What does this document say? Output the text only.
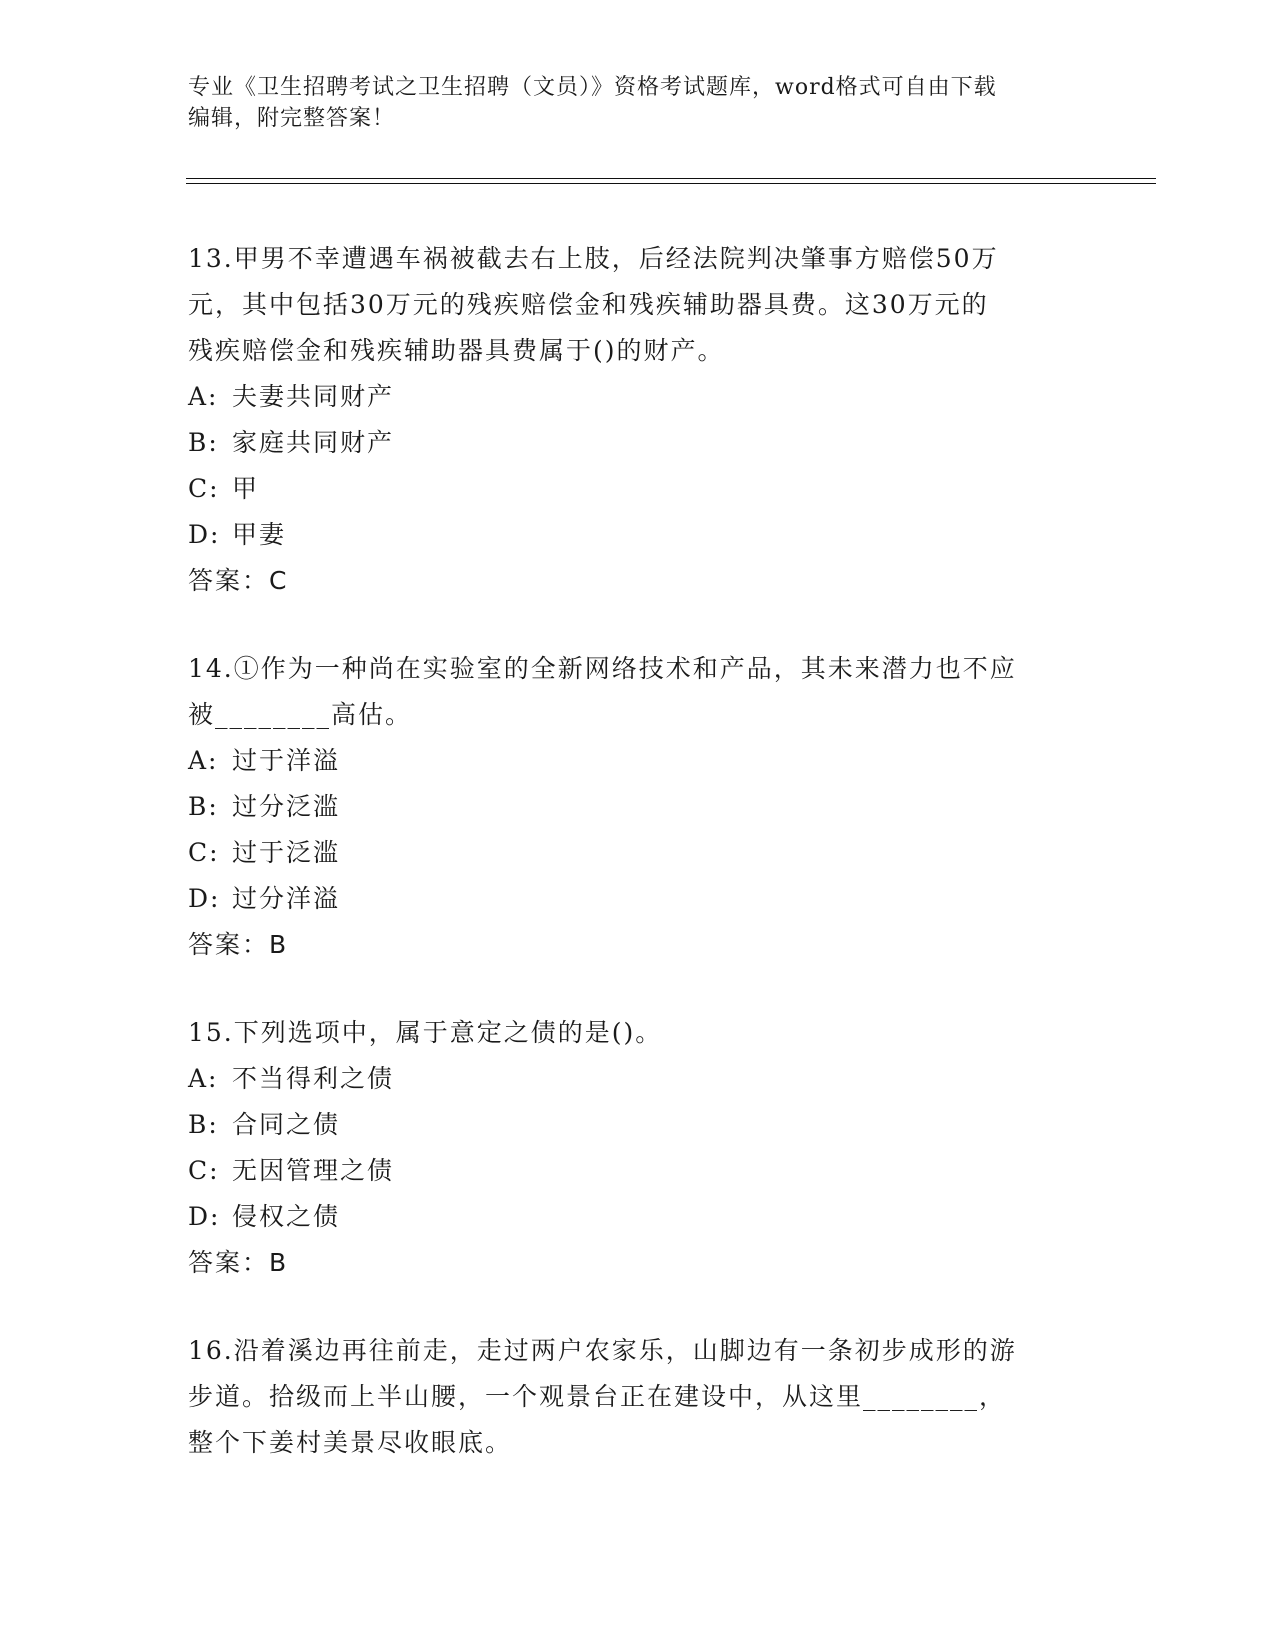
专业《卫生招聘考试之卫生招聘（文员）》资格考试题库，word格式可自由下载
编辑，附完整答案！
13.甲男不幸遭遇车祸被截去右上肢，后经法院判决肇事方赔偿50万
元，其中包括30万元的残疾赔偿金和残疾辅助器具费。这30万元的
残疾赔偿金和残疾辅助器具费属于()的财产。
A: 夫妻共同财产
B: 家庭共同财产
C: 甲
D: 甲妻
答案：C
14.①作为一种尚在实验室的全新网络技术和产品，其未来潜力也不应
被________高估。
A: 过于洋溢
B: 过分泛滥
C: 过于泛滥
D: 过分洋溢
答案：B
15.下列选项中，属于意定之债的是()。
A: 不当得利之债
B: 合同之债
C: 无因管理之债
D: 侵权之债
答案：B
16.沿着溪边再往前走，走过两户农家乐，山脚边有一条初步成形的游
步道。拾级而上半山腰，一个观景台正在建设中，从这里________，
整个下姜村美景尽收眼底。
